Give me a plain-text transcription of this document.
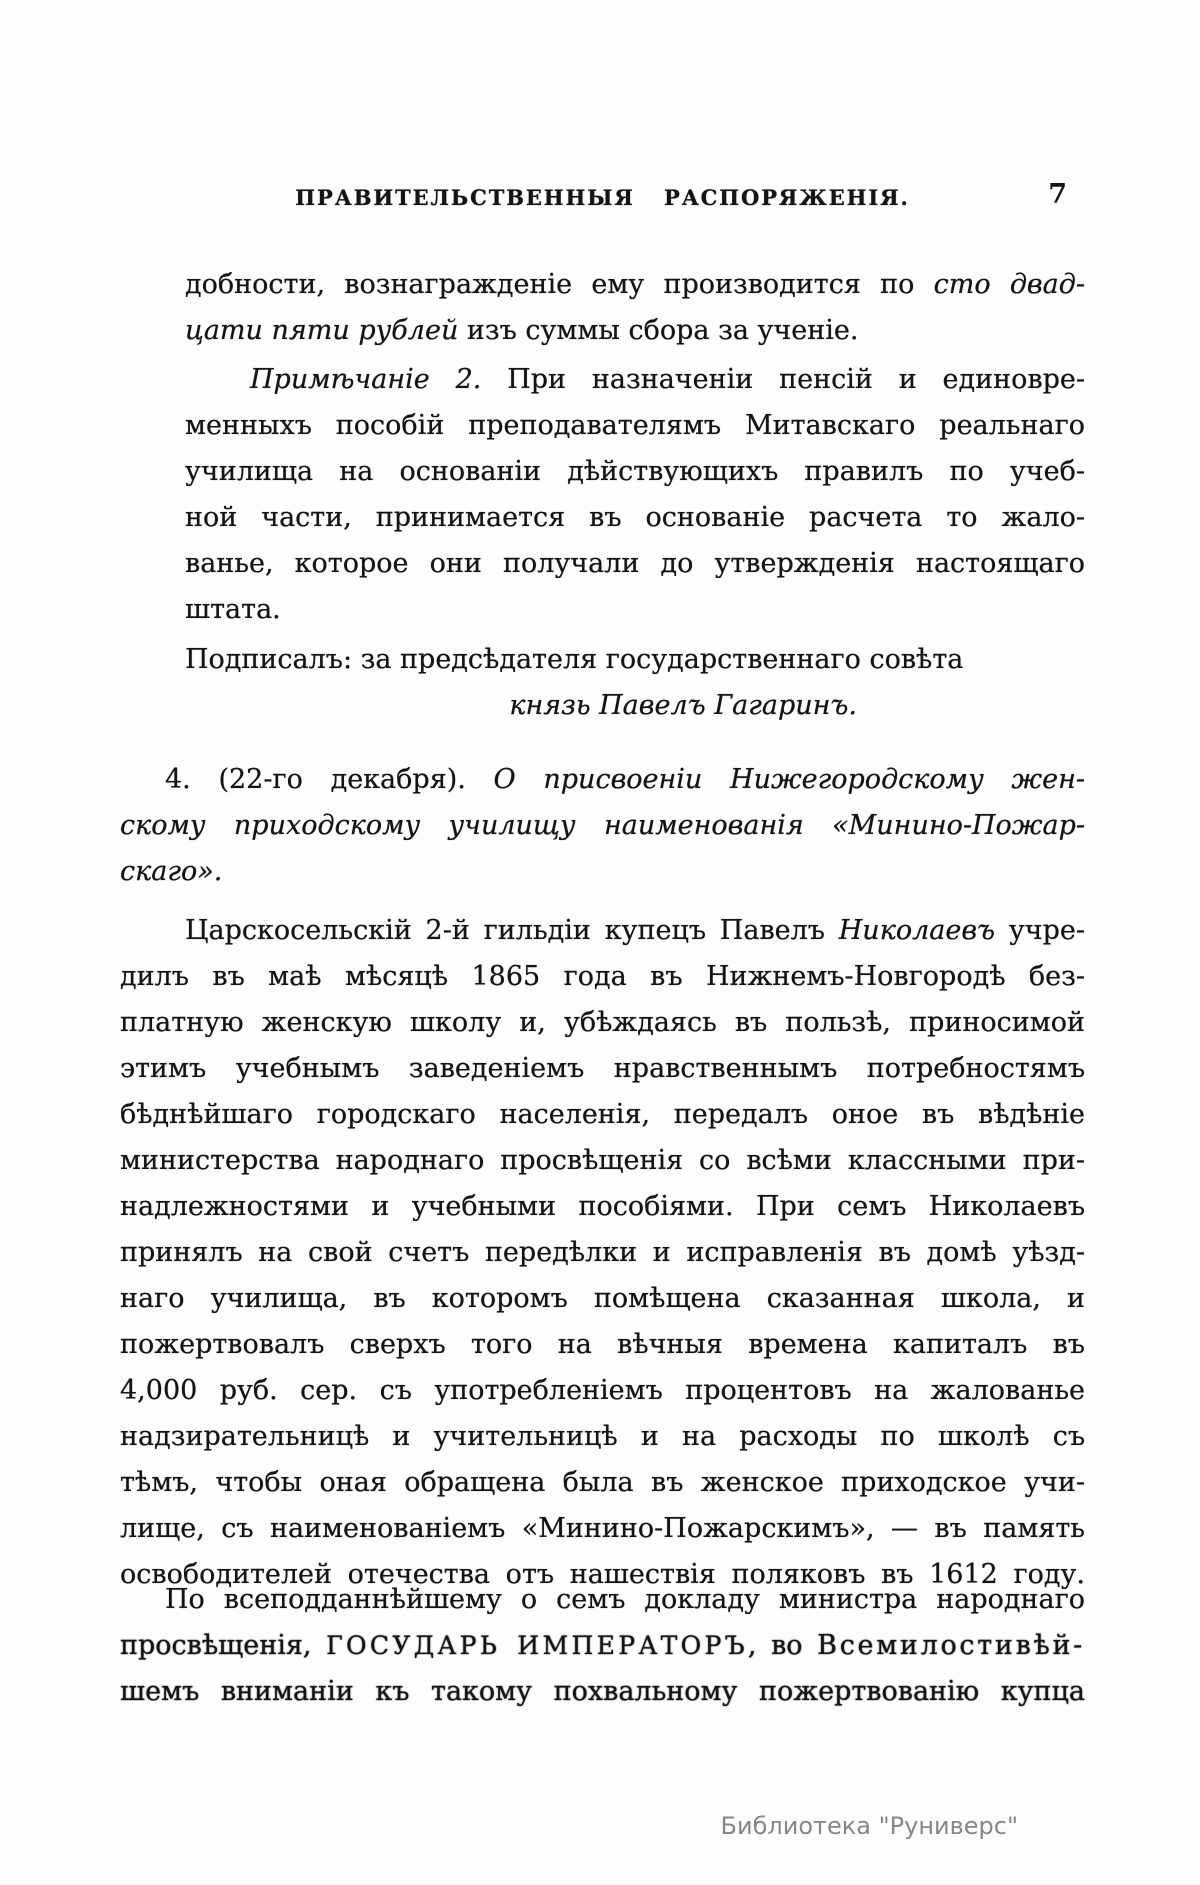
ПРАВИТЕЛЬСТВЕННЫЯ РАСПОРЯЖЕНІЯ.	7
добности, вознагражденіе ему производится по сто двад-
цати пяти рублей изъ суммы сбора за ученіе.
Примѣчаніе 2. При назначеніи пенсій и единовре-
менныхъ пособій преподавателямъ Митавскаго реальнаго
училища на основаніи дѣйствующихъ правилъ по учеб-
ной части, принимается въ основаніе расчета то жало-
ванье, которое они получали до утвержденія настоящаго
штата.
Подписалъ: за предсѣдателя государственнаго совѣта
князь Павелъ Гагаринъ.
4. (22-го декабря). О присвоеніи Нижегородскому жен-
скому приходскому училищу наименованія «Минино-Пожар-
скаго».
Царскосельскій 2-й гильдіи купецъ Павелъ Николаевъ учре-
дилъ въ маѣ мѣсяцѣ 1865 года въ Нижнемъ-Новгородѣ без-
платную женскую школу и, убѣждаясь въ пользѣ, приносимой
этимъ учебнымъ заведеніемъ нравственнымъ потребностямъ
бѣднѣйшаго городскаго населенія, передалъ оное въ вѣдѣніе
министерства народнаго просвѣщенія со всѣми классными при-
надлежностями и учебными пособіями. При семъ Николаевъ
принялъ на свой счетъ передѣлки и исправленія въ домѣ уѣзд-
наго училища, въ которомъ помѣщена сказанная школа, и
пожертвовалъ сверхъ того на вѣчныя времена капиталъ въ
4,000 руб. сер. съ употребленіемъ процентовъ на жалованье
надзирательницѣ и учительницѣ и на расходы по школѣ съ
тѣмъ, чтобы оная обращена была въ женское приходское учи-
лище, съ наименованіемъ «Минино-Пожарскимъ», — въ память
освободителей отечества отъ нашествія поляковъ въ 1612 году.
По всеподданнѣйшему о семъ докладу министра народнаго
просвѣщенія, ГОСУДАРЬ ИМПЕРАТОРЪ, во Всемилостивѣй-
шемъ вниманіи къ такому похвальному пожертвованію купца
Библиотека "Руниверс"
